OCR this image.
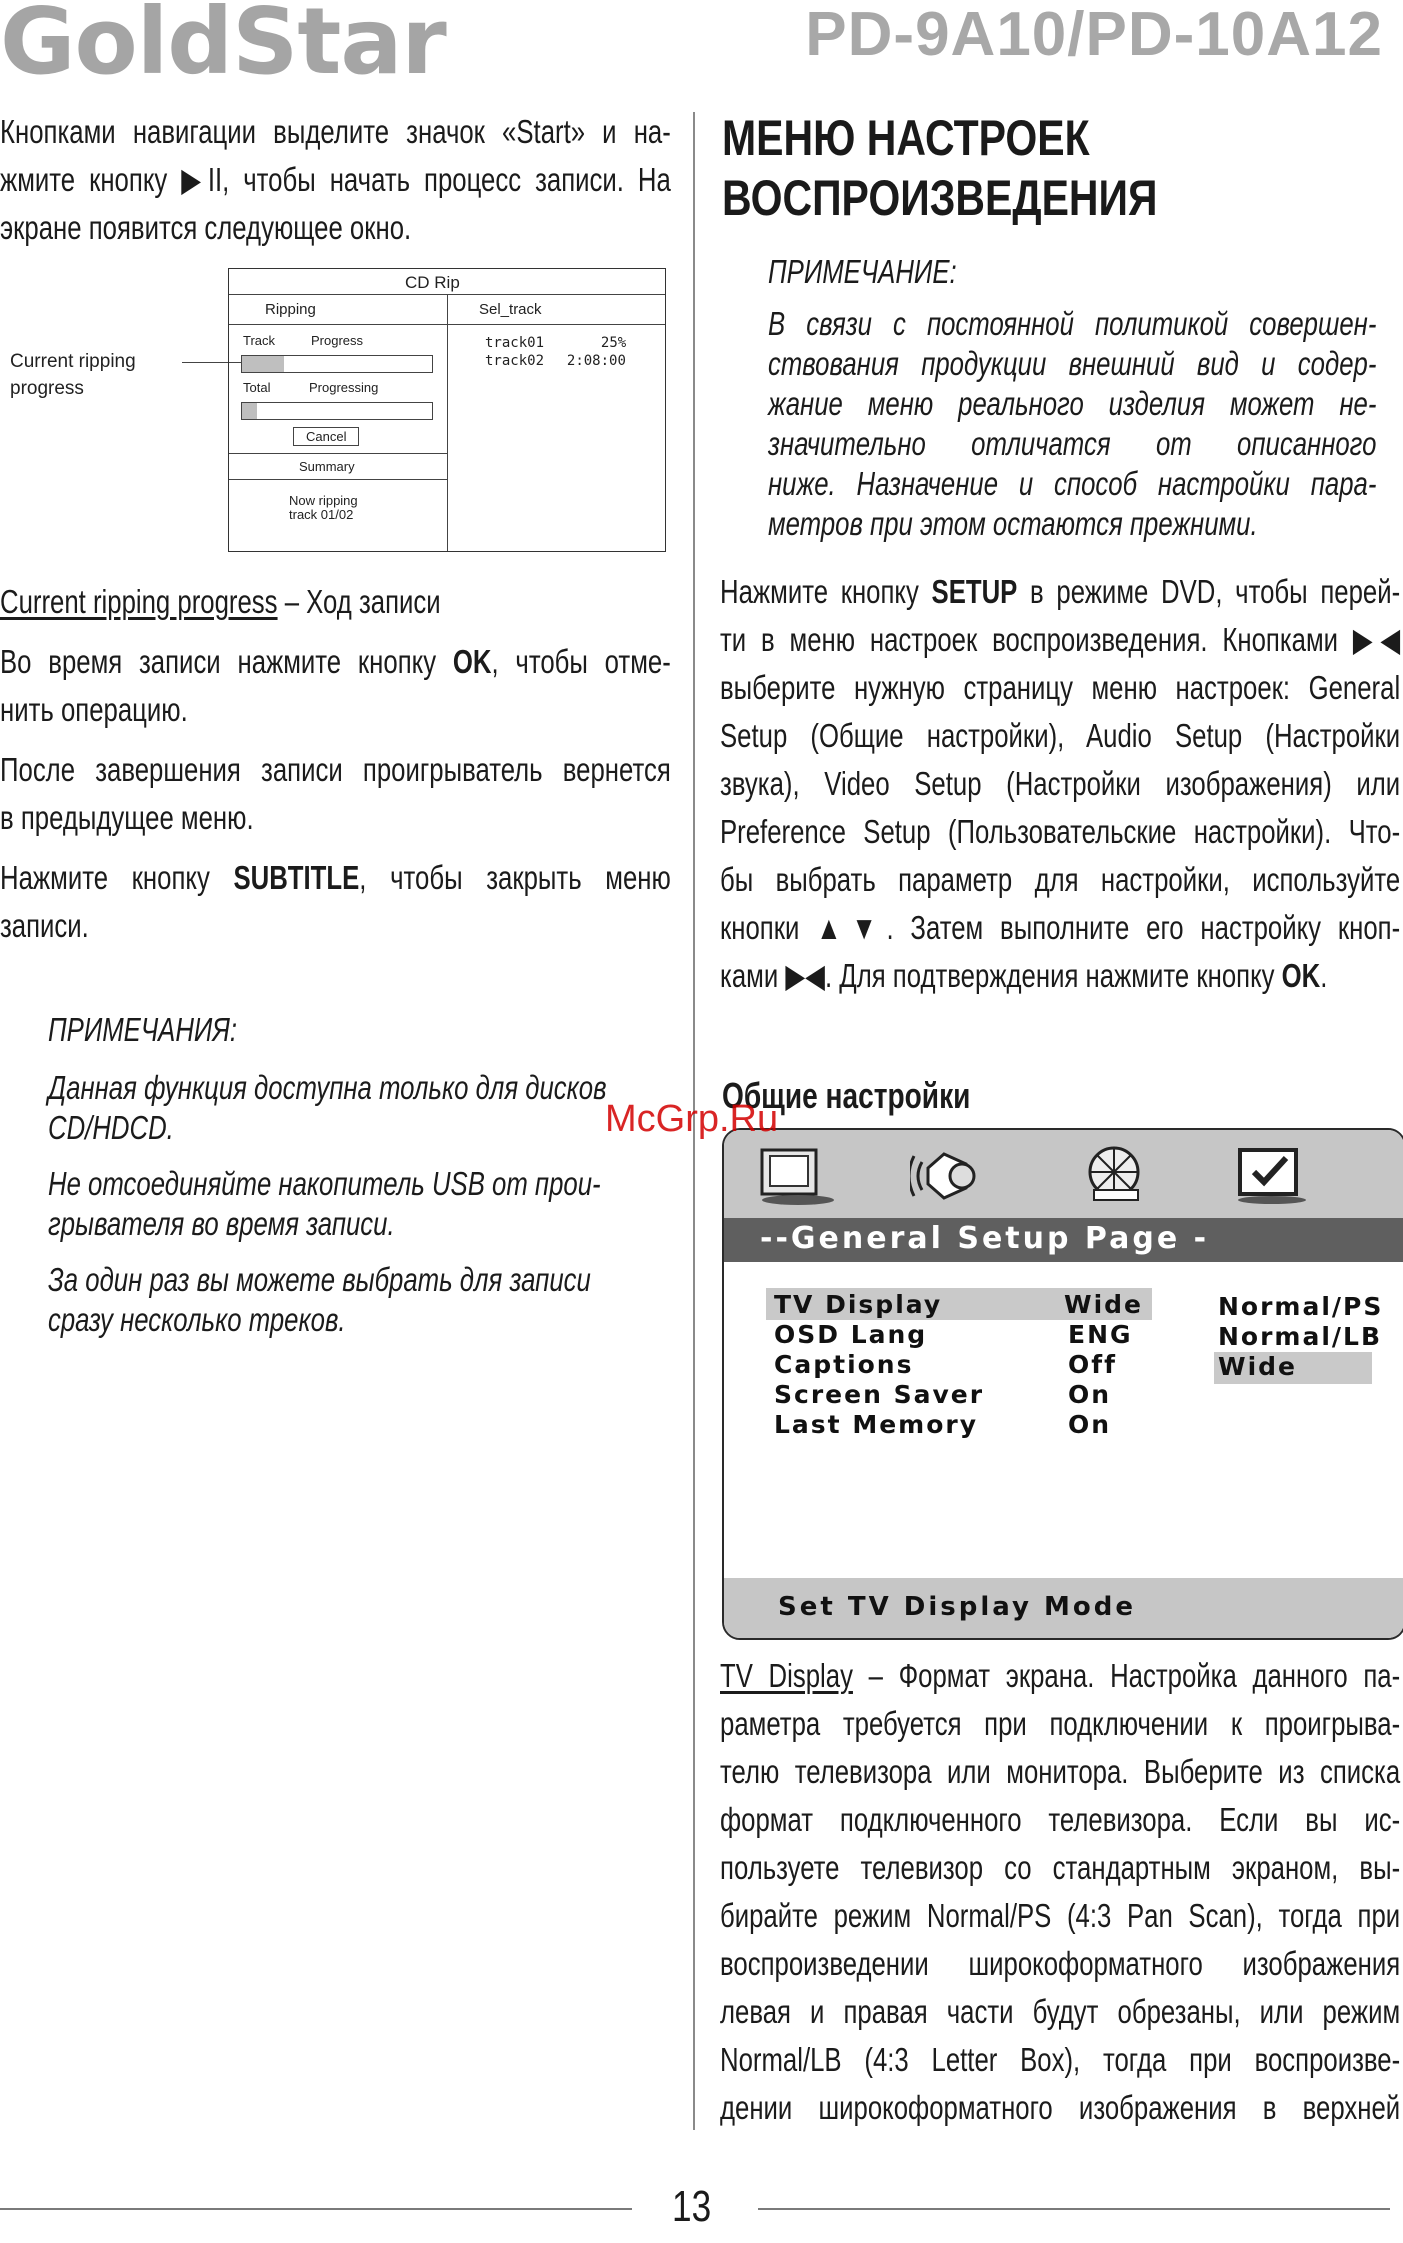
GoldStar	PD-9A10/PD-10A12
Кнопками навигации выделите значок «Start» и на-
жмите кнопку ▶II, чтобы начать процесс записи. На
экране появится следующее окно.
Current ripping
progress
CD Rip
Ripping	Sel_track
Track	Progress
Total	Progressing
Cancel
Summary
Now ripping
track 01/02
track01	25%
track02 2:08:00
Current ripping progress – Ход записи
Во время записи нажмите кнопку OK, чтобы отме-
нить операцию.
После завершения записи проигрыватель вернется
в предыдущее меню.
Нажмите кнопку SUBTITLE, чтобы закрыть меню
записи.
ПРИМЕЧАНИЯ:
Данная функция доступна только для дисков
CD/HDCD.
Не отсоединяйте накопитель USB от прои-
грывателя во время записи.
За один раз вы можете выбрать для записи
сразу несколько треков.
МЕНЮ НАСТРОЕК
ВОСПРОИЗВЕДЕНИЯ
ПРИМЕЧАНИЕ:
В связи с постоянной политикой совершен-
ствования продукции внешний вид и содер-
жание меню реального изделия может не-
значительно отличатся от описанного
ниже. Назначение и способ настройки пара-
метров при этом остаются прежними.
Нажмите кнопку SETUP в режиме DVD, чтобы перей-
ти в меню настроек воспроизведения. Кнопками ▶◀
выберите нужную страницу меню настроек: General
Setup (Общие настройки), Audio Setup (Настройки
звука), Video Setup (Настройки изображения) или
Preference Setup (Пользовательские настройки). Что-
бы выбрать параметр для настройки, используйте
кнопки ▲▼. Затем выполните его настройку кноп-
ками ▶◀. Для подтверждения нажмите кнопку OK.
Общие настройки
--General Setup Page -
TV Display	Wide
OSD Lang	ENG
Captions	Off
Screen Saver	On
Last Memory	On
Normal/PS
Normal/LB
Wide
Set TV Display Mode
McGrp.Ru
TV Display – Формат экрана. Настройка данного па-
раметра требуется при подключении к проигрыва-
телю телевизора или монитора. Выберите из списка
формат подключенного телевизора. Если вы ис-
пользуете телевизор со стандартным экраном, вы-
бирайте режим Normal/PS (4:3 Pan Scan), тогда при
воспроизведении широкоформатного изображения
левая и правая части будут обрезаны, или режим
Normal/LB (4:3 Letter Box), тогда при воспроизве-
дении широкоформатного изображения в верхней
13
